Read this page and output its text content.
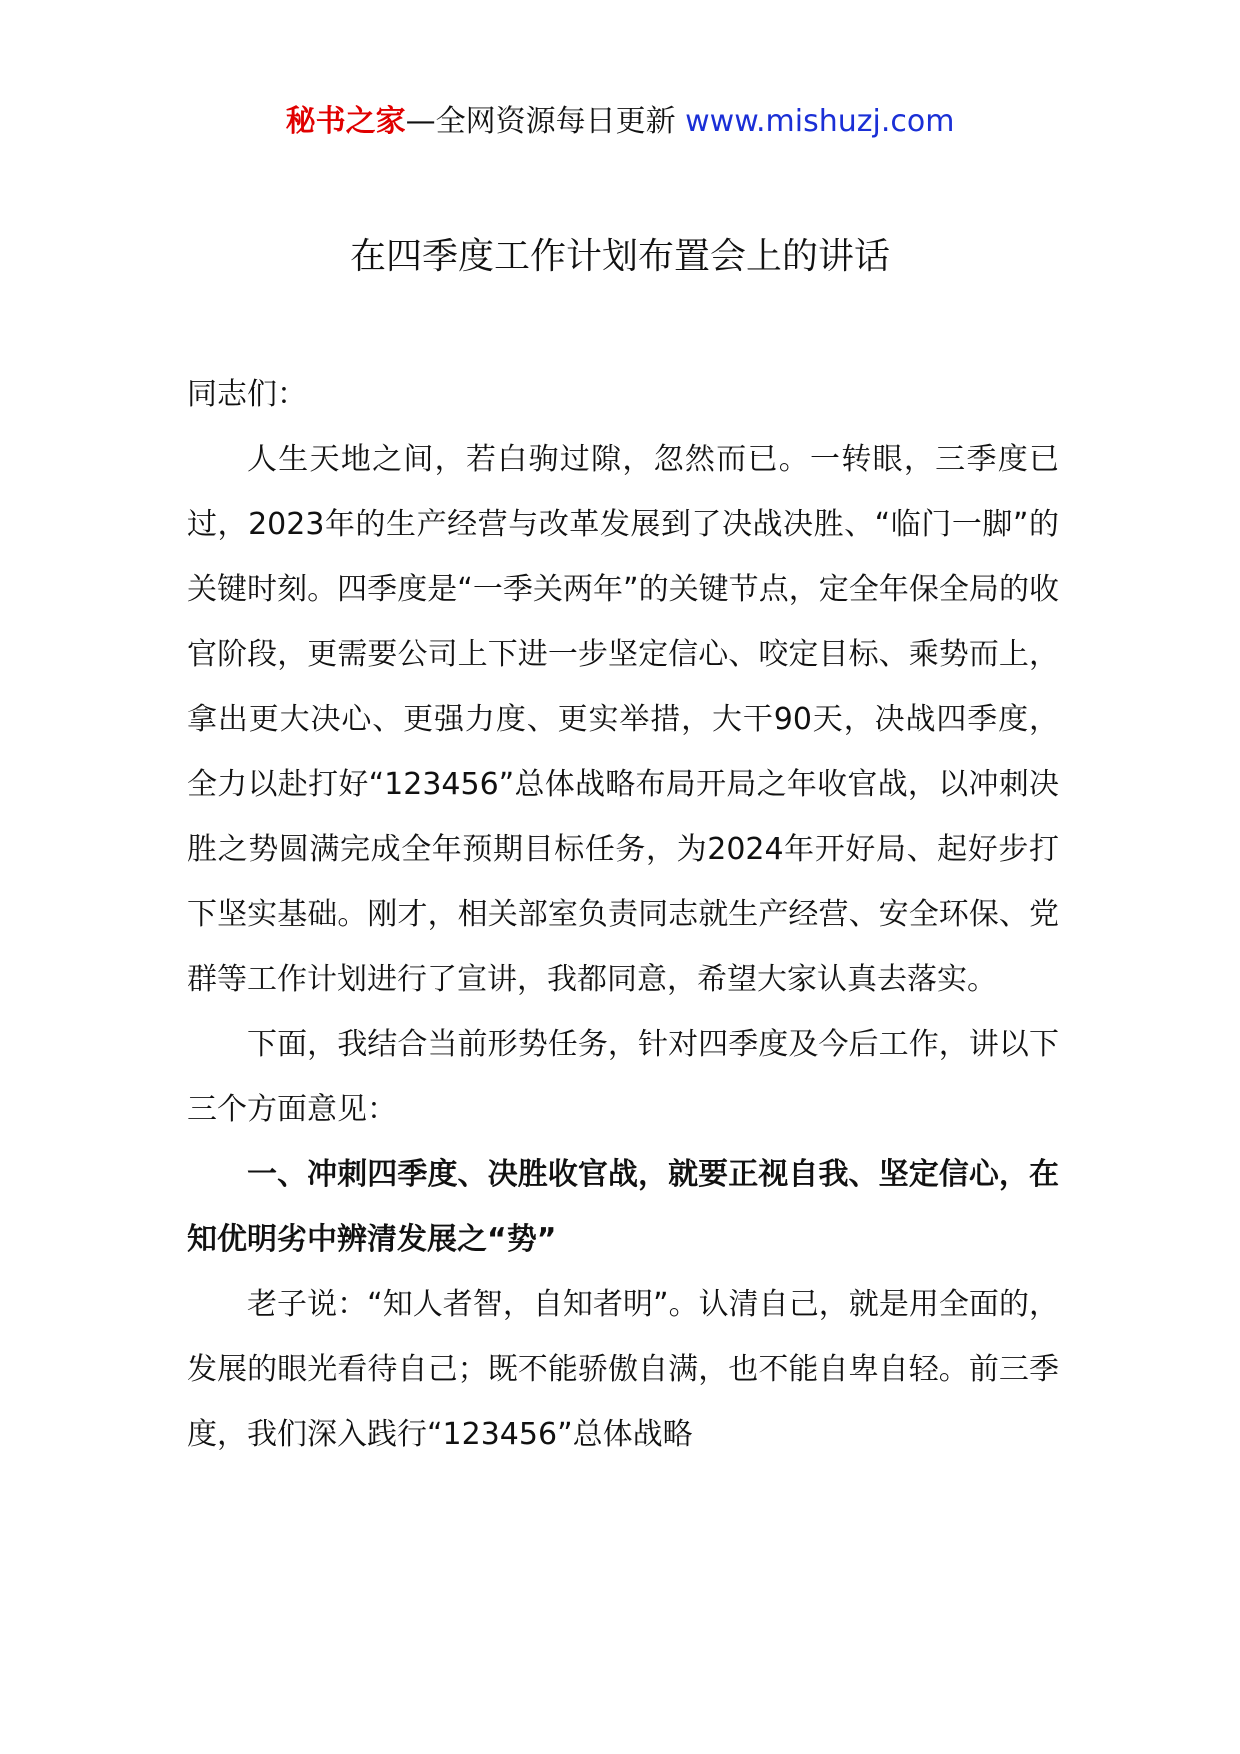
秘书之家—全网资源每日更新 www.mishuzj.com
在四季度工作计划布置会上的讲话

同志们：

人生天地之间，若白驹过隙，忽然而已。一转眼，三季度已过，2023年的生产经营与改革发展到了决战决胜、“临门一脚”的关键时刻。四季度是“一季关两年”的关键节点，定全年保全局的收官阶段，更需要公司上下进一步坚定信心、咬定目标、乘势而上，拿出更大决心、更强力度、更实举措，大干90天，决战四季度，全力以赴打好“123456”总体战略布局开局之年收官战，以冲刺决胜之势圆满完成全年预期目标任务，为2024年开好局、起好步打下坚实基础。刚才，相关部室负责同志就生产经营、安全环保、党群等工作计划进行了宣讲，我都同意，希望大家认真去落实。

下面，我结合当前形势任务，针对四季度及今后工作，讲以下三个方面意见：

一、冲刺四季度、决胜收官战，就要正视自我、坚定信心，在知优明劣中辨清发展之“势”

老子说：“知人者智，自知者明”。认清自己，就是用全面的，发展的眼光看待自己；既不能骄傲自满，也不能自卑自轻。前三季度，我们深入践行“123456”总体战略
